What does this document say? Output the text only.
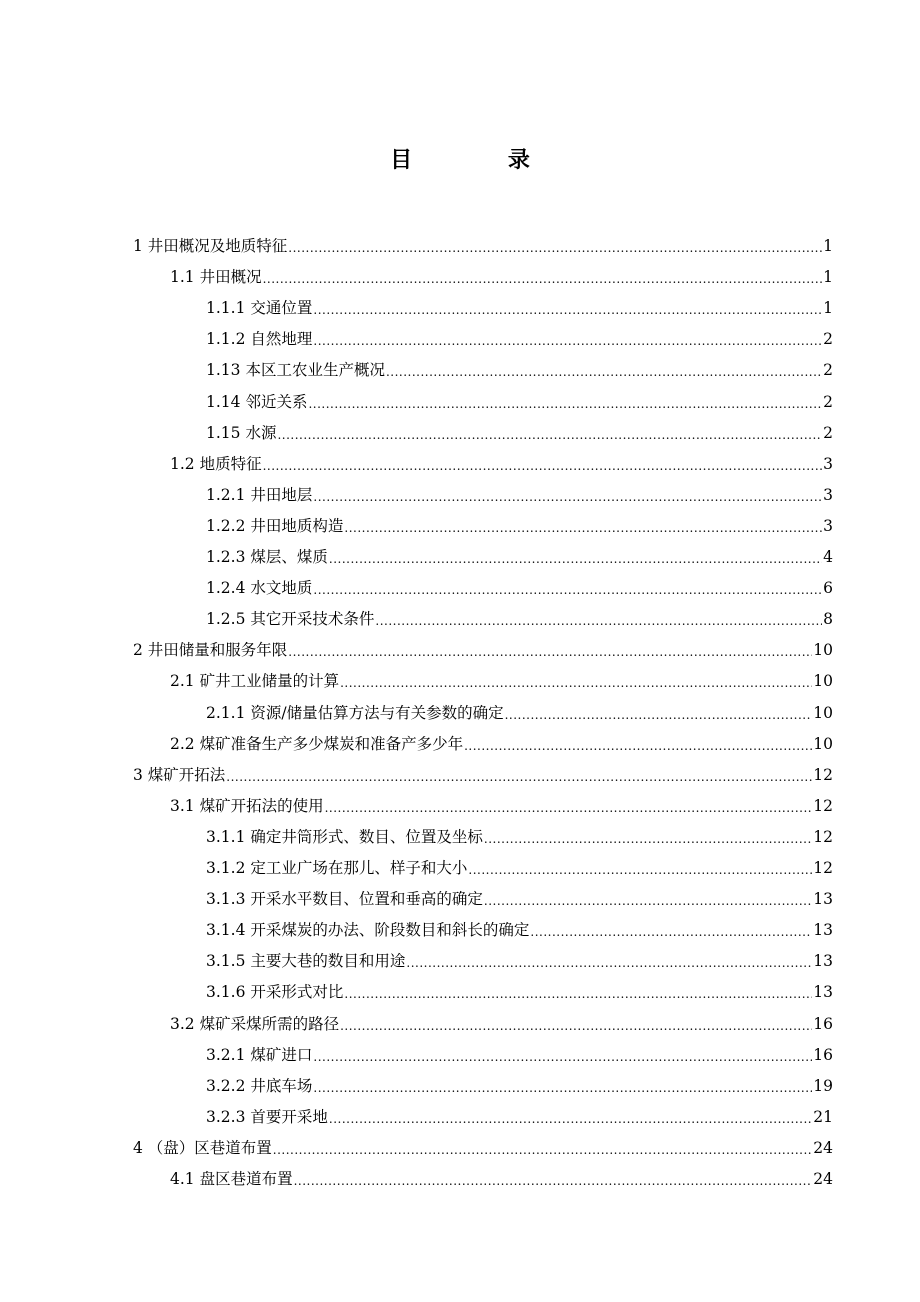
目 录
1 井田概况及地质特征 .....	1
1.1 井田概况 .....	1
1.1.1 交通位置 .....	1
1.1.2 自然地理 .....	2
1.13 本区工农业生产概况 .....	2
1.14 邻近关系 .....	2
1.15 水源 .....	2
1.2 地质特征 .....	3
1.2.1 井田地层 .....	3
1.2.2 井田地质构造 .....	3
1.2.3 煤层、煤质 .....	4
1.2.4 水文地质 .....	6
1.2.5 其它开采技术条件 .....	8
2 井田储量和服务年限 .....	10
2.1 矿井工业储量的计算 .....	10
2.1.1 资源/储量估算方法与有关参数的确定 .....	10
2.2 煤矿准备生产多少煤炭和准备产多少年 .....	10
3 煤矿开拓法 .....	12
3.1 煤矿开拓法的使用 .....	12
3.1.1 确定井筒形式、数目、位置及坐标 .....	12
3.1.2 定工业广场在那儿、样子和大小 .....	12
3.1.3 开采水平数目、位置和垂高的确定 .....	13
3.1.4 开采煤炭的办法、阶段数目和斜长的确定 .....	13
3.1.5 主要大巷的数目和用途 .....	13
3.1.6 开采形式对比 .....	13
3.2 煤矿采煤所需的路径 .....	16
3.2.1 煤矿进口 .....	16
3.2.2 井底车场 .....	19
3.2.3 首要开采地 .....	21
4 （盘）区巷道布置 .....	24
4.1 盘区巷道布置 .....	24
